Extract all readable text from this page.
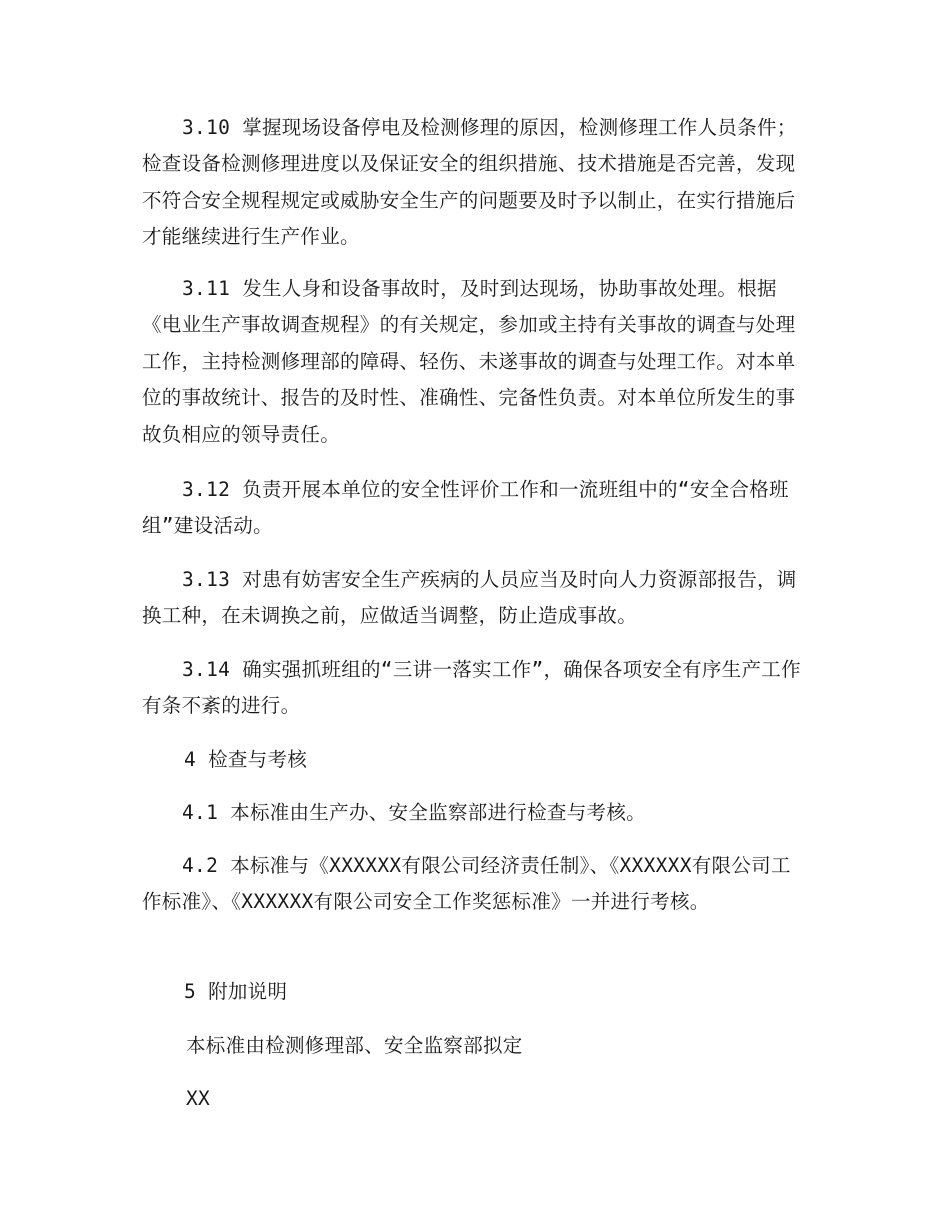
3.10 掌握现场设备停电及检测修理的原因，检测修理工作人员条件；检查设备检测修理进度以及保证安全的组织措施、技术措施是否完善，发现不符合安全规程规定或威胁安全生产的问题要及时予以制止，在实行措施后才能继续进行生产作业。

3.11 发生人身和设备事故时，及时到达现场，协助事故处理。根据《电业生产事故调查规程》的有关规定，参加或主持有关事故的调查与处理工作，主持检测修理部的障碍、轻伤、未遂事故的调查与处理工作。对本单位的事故统计、报告的及时性、准确性、完备性负责。对本单位所发生的事故负相应的领导责任。

3.12 负责开展本单位的安全性评价工作和一流班组中的“安全合格班组”建设活动。

3.13 对患有妨害安全生产疾病的人员应当及时向人力资源部报告，调换工种，在未调换之前，应做适当调整，防止造成事故。

3.14 确实强抓班组的“三讲一落实工作”，确保各项安全有序生产工作有条不紊的进行。

4 检查与考核

4.1 本标准由生产办、安全监察部进行检查与考核。

4.2 本标准与《XXXXXX有限公司经济责任制》、《XXXXXX有限公司工作标准》、《XXXXXX有限公司安全工作奖惩标准》一并进行考核。

5 附加说明

本标准由检测修理部、安全监察部拟定

XX
